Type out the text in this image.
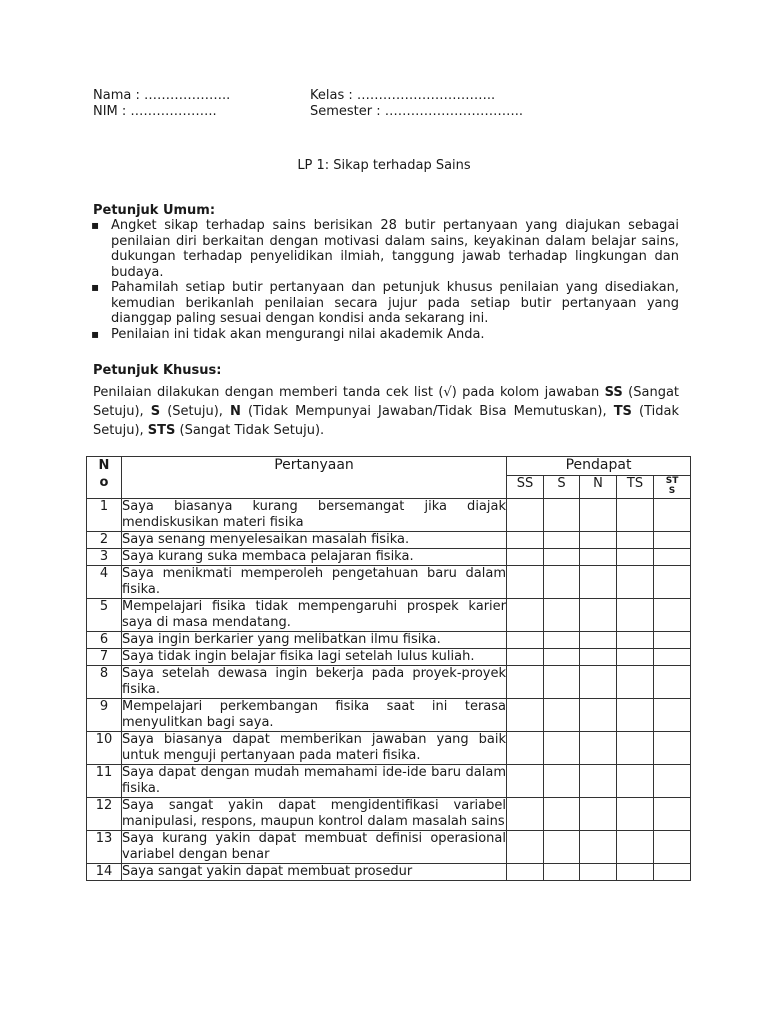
Nama : ………………..
NIM : ………………..
Kelas : …………………………..
Semester : …………………………..
LP 1: Sikap terhadap Sains
Petunjuk Umum:
▪ Angket sikap terhadap sains berisikan 28 butir pertanyaan yang diajukan sebagai penilaian diri berkaitan dengan motivasi dalam sains, keyakinan dalam belajar sains, dukungan terhadap penyelidikan ilmiah, tanggung jawab terhadap lingkungan dan budaya.
▪ Pahamilah setiap butir pertanyaan dan petunjuk khusus penilaian yang disediakan, kemudian berikanlah penilaian secara jujur pada setiap butir pertanyaan yang dianggap paling sesuai dengan kondisi anda sekarang ini.
▪ Penilaian ini tidak akan mengurangi nilai akademik Anda.
Petunjuk Khusus:
Penilaian dilakukan dengan memberi tanda cek list (√) pada kolom jawaban SS (Sangat Setuju), S (Setuju), N (Tidak Mempunyai Jawaban/Tidak Bisa Memutuskan), TS (Tidak Setuju), STS (Sangat Tidak Setuju).
N
o	Pertanyaan	Pendapat				
		SS	S	N	TS	ST
S
1	Saya biasanya kurang bersemangat jika diajak mendiskusikan materi fisika					
2	Saya senang menyelesaikan masalah fisika.					
3	Saya kurang suka membaca pelajaran fisika.					
4	Saya menikmati memperoleh pengetahuan baru dalam fisika.					
5	Mempelajari fisika tidak mempengaruhi prospek karier saya di masa mendatang.					
6	Saya ingin berkarier yang melibatkan ilmu fisika.					
7	Saya tidak ingin belajar fisika lagi setelah lulus kuliah.					
8	Saya setelah dewasa ingin bekerja pada proyek-proyek fisika.					
9	Mempelajari perkembangan fisika saat ini terasa menyulitkan bagi saya.					
10	Saya biasanya dapat memberikan jawaban yang baik untuk menguji pertanyaan pada materi fisika.					
11	Saya dapat dengan mudah memahami ide-ide baru dalam fisika.					
12	Saya sangat yakin dapat mengidentifikasi variabel manipulasi, respons, maupun kontrol dalam masalah sains					
13	Saya kurang yakin dapat membuat definisi operasional variabel dengan benar					
14	Saya sangat yakin dapat membuat prosedur					
